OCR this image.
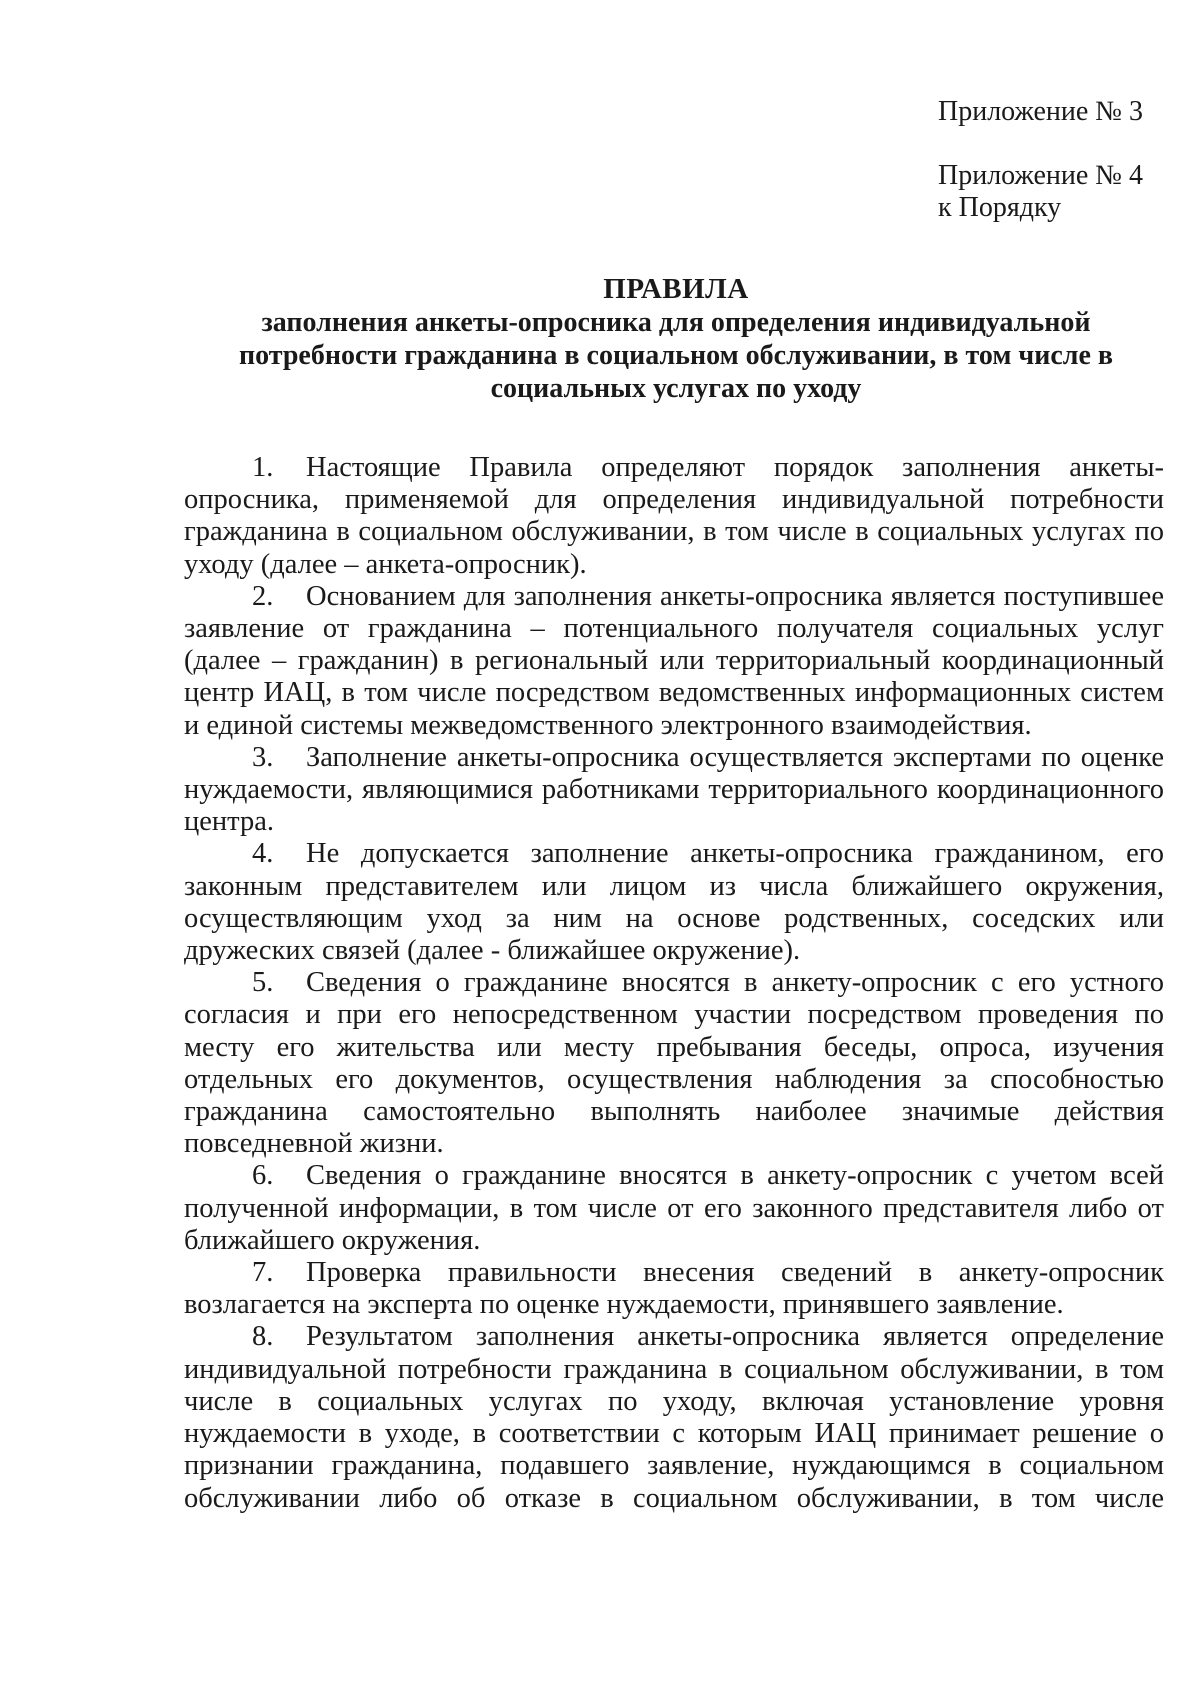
Приложение № 3
Приложение № 4
к Порядку
ПРАВИЛА
заполнения анкеты-опросника для определения индивидуальной потребности гражданина в социальном обслуживании, в том числе в социальных услугах по уходу

1. Настоящие Правила определяют порядок заполнения анкеты-опросника, применяемой для определения индивидуальной потребности гражданина в социальном обслуживании, в том числе в социальных услугах по уходу (далее – анкета-опросник).

2. Основанием для заполнения анкеты-опросника является поступившее заявление от гражданина – потенциального получателя социальных услуг (далее – гражданин) в региональный или территориальный координационный центр ИАЦ, в том числе посредством ведомственных информационных систем и единой системы межведомственного электронного взаимодействия.

3. Заполнение анкеты-опросника осуществляется экспертами по оценке нуждаемости, являющимися работниками территориального координационного центра.

4. Не допускается заполнение анкеты-опросника гражданином, его законным представителем или лицом из числа ближайшего окружения, осуществляющим уход за ним на основе родственных, соседских или дружеских связей (далее - ближайшее окружение).

5. Сведения о гражданине вносятся в анкету-опросник с его устного согласия и при его непосредственном участии посредством проведения по месту его жительства или месту пребывания беседы, опроса, изучения отдельных его документов, осуществления наблюдения за способностью гражданина самостоятельно выполнять наиболее значимые действия повседневной жизни.

6. Сведения о гражданине вносятся в анкету-опросник с учетом всей полученной информации, в том числе от его законного представителя либо от ближайшего окружения.

7. Проверка правильности внесения сведений в анкету-опросник возлагается на эксперта по оценке нуждаемости, принявшего заявление.

8. Результатом заполнения анкеты-опросника является определение индивидуальной потребности гражданина в социальном обслуживании, в том числе в социальных услугах по уходу, включая установление уровня нуждаемости в уходе, в соответствии с которым ИАЦ принимает решение о признании гражданина, подавшего заявление, нуждающимся в социальном обслуживании либо об отказе в социальном обслуживании, в том числе
